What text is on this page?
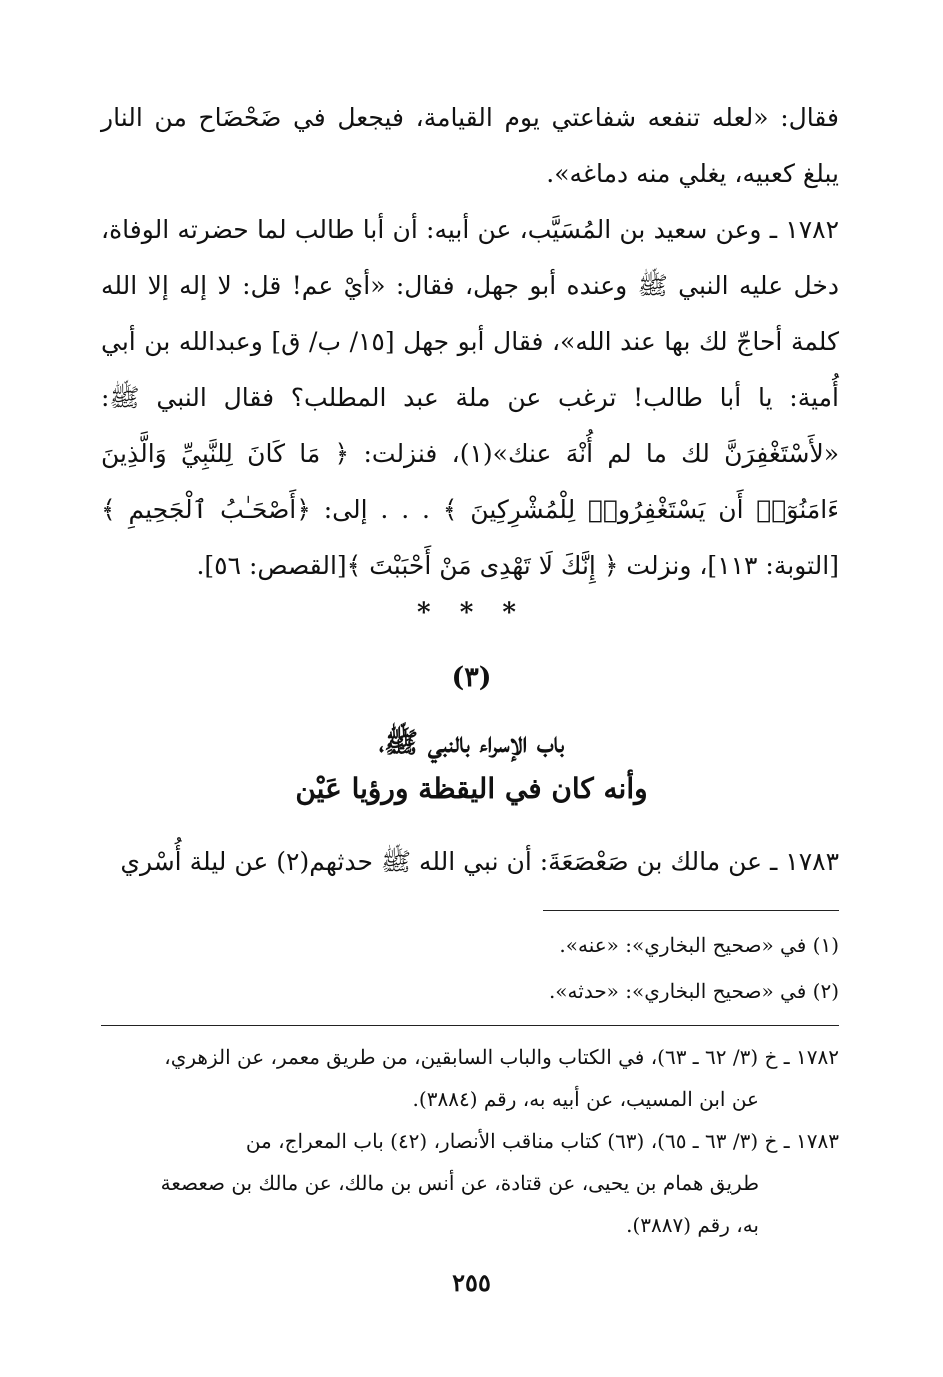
فقال: «لعله تنفعه شفاعتي يوم القيامة، فيجعل في ضَحْضَاح من النار يبلغ كعبيه، يغلي منه دماغه».

١٧٨٢ ـ وعن سعيد بن المُسَيَّب، عن أبيه: أن أبا طالب لما حضرته الوفاة، دخل عليه النبي ﷺ وعنده أبو جهل، فقال: «أيْ عم! قل: لا إله إلا الله كلمة أحاجّ لك بها عند الله»، فقال أبو جهل [١٥/ ب/ ق] وعبدالله بن أبي أُمية: يا أبا طالب! ترغب عن ملة عبد المطلب؟ فقال النبي ﷺ: «لأَسْتَغْفِرَنَّ لك ما لم أُنْهَ عنك»(١)، فنزلت: ﴿ مَا كَانَ لِلنَّبِيِّ وَالَّذِينَ ءَامَنُوٓا۟ أَن يَسْتَغْفِرُوا۟ لِلْمُشْرِكِينَ ﴾ . . . إلى: ﴿أَصْحَـٰبُ ٱلْجَحِيمِ ﴾[التوبة: ١١٣]، ونزلت ﴿ إِنَّكَ لَا تَهْدِى مَنْ أَحْبَبْتَ ﴾[القصص: ٥٦].

* * *
(٣)
باب الإسراء بالنبي ﷺ،
وأنه كان في اليقظة ورؤيا عَيْن

١٧٨٣ ـ عن مالك بن صَعْصَعَةَ: أن نبي الله ﷺ حدثهم(٢) عن ليلة أُسْري

(١) في «صحيح البخاري»: «عنه».
(٢) في «صحيح البخاري»: «حدثه».
١٧٨٢ ـ خ (٣/ ٦٢ ـ ٦٣)، في الكتاب والباب السابقين، من طريق معمر، عن الزهري،
عن ابن المسيب، عن أبيه به، رقم (٣٨٨٤).
١٧٨٣ ـ خ (٣/ ٦٣ ـ ٦٥)، (٦٣) كتاب مناقب الأنصار، (٤٢) باب المعراج، من
طريق همام بن يحيى، عن قتادة، عن أنس بن مالك، عن مالك بن صعصعة
به، رقم (٣٨٨٧).
٢٥٥
